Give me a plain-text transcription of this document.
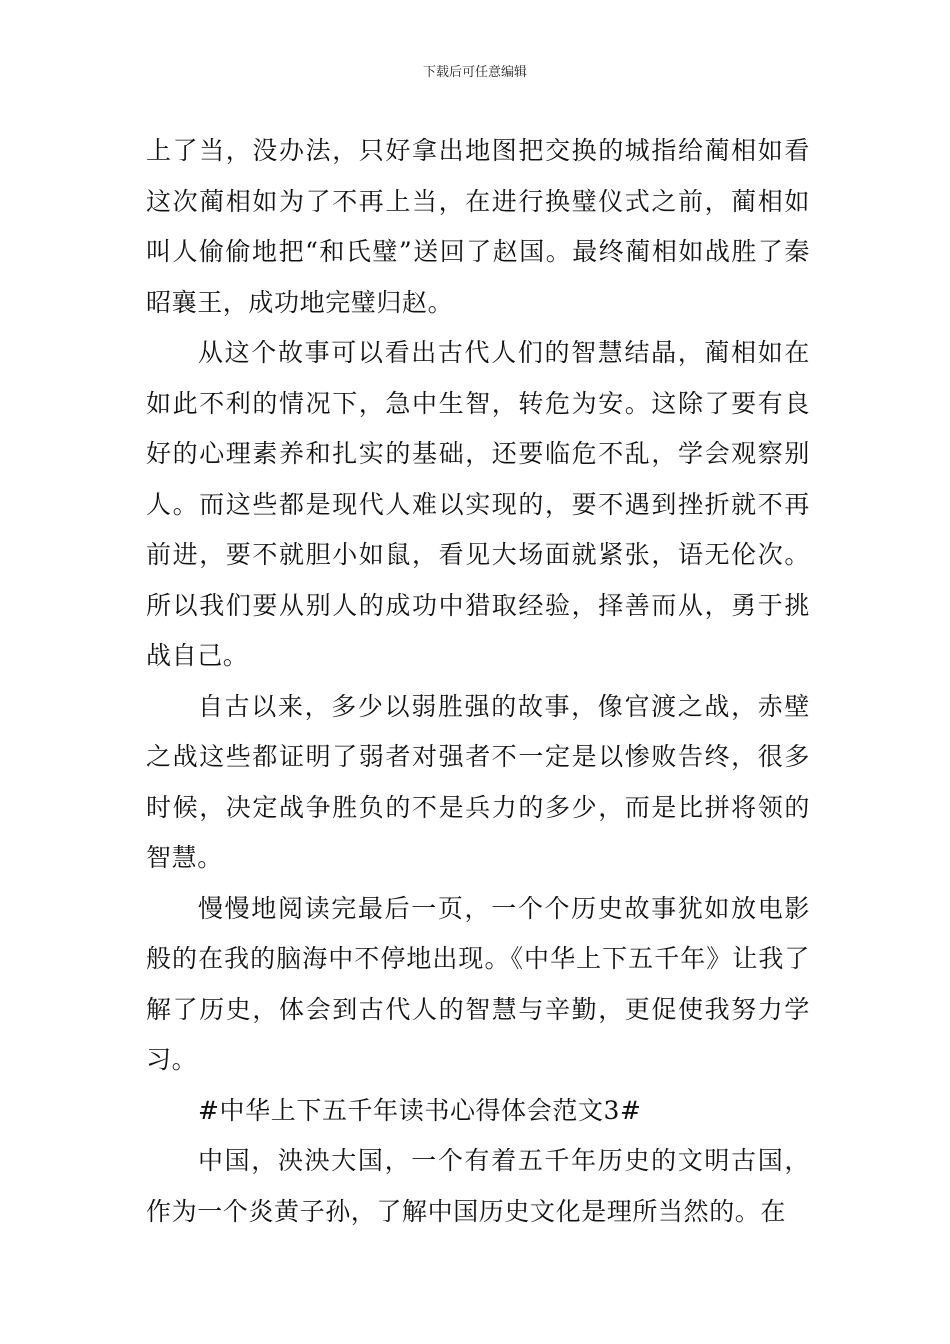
下载后可任意编辑

上了当，没办法，只好拿出地图把交换的城指给蔺相如看这次蔺相如为了不再上当，在进行换璧仪式之前，蔺相如叫人偷偷地把“和氏璧”送回了赵国。最终蔺相如战胜了秦昭襄王，成功地完璧归赵。

从这个故事可以看出古代人们的智慧结晶，蔺相如在如此不利的情况下，急中生智，转危为安。这除了要有良好的心理素养和扎实的基础，还要临危不乱，学会观察别人。而这些都是现代人难以实现的，要不遇到挫折就不再前进，要不就胆小如鼠，看见大场面就紧张，语无伦次。所以我们要从别人的成功中猎取经验，择善而从，勇于挑战自己。

自古以来，多少以弱胜强的故事，像官渡之战，赤壁之战这些都证明了弱者对强者不一定是以惨败告终，很多时候，决定战争胜负的不是兵力的多少，而是比拼将领的智慧。

慢慢地阅读完最后一页，一个个历史故事犹如放电影般的在我的脑海中不停地出现。《中华上下五千年》让我了解了历史，体会到古代人的智慧与辛勤，更促使我努力学习。

#中华上下五千年读书心得体会范文3#

中国，泱泱大国，一个有着五千年历史的文明古国，作为一个炎黄子孙，了解中国历史文化是理所当然的。在
